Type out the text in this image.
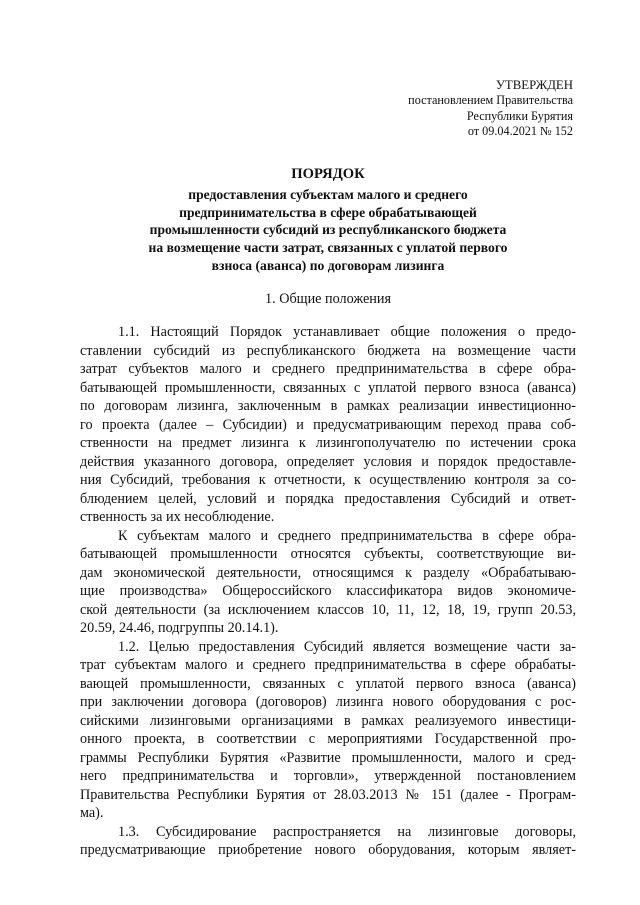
УТВЕРЖДЕН
постановлением Правительства
Республики Бурятия
от 09.04.2021 № 152
ПОРЯДОК
предоставления субъектам малого и среднего
предпринимательства в сфере обрабатывающей
промышленности субсидий из республиканского бюджета
на возмещение части затрат, связанных с уплатой первого
взноса (аванса) по договорам лизинга
1. Общие положения
1.1. Настоящий Порядок устанавливает общие положения о предо-
ставлении субсидий из республиканского бюджета на возмещение части
затрат субъектов малого и среднего предпринимательства в сфере обра-
батывающей промышленности, связанных с уплатой первого взноса (аванса)
по договорам лизинга, заключенным в рамках реализации инвестиционно-
го проекта (далее – Субсидии) и предусматривающим переход права соб-
ственности на предмет лизинга к лизингополучателю по истечении срока
действия указанного договора, определяет условия и порядок предоставле-
ния Субсидий, требования к отчетности, к осуществлению контроля за со-
блюдением целей, условий и порядка предоставления Субсидий и ответ-
ственность за их несоблюдение.
К субъектам малого и среднего предпринимательства в сфере обра-
батывающей промышленности относятся субъекты, соответствующие ви-
дам экономической деятельности, относящимся к разделу «Обрабатываю-
щие производства» Общероссийского классификатора видов экономиче-
ской деятельности (за исключением классов 10, 11, 12, 18, 19, групп 20.53,
20.59, 24.46, подгруппы 20.14.1).
1.2. Целью предоставления Субсидий является возмещение части за-
трат субъектам малого и среднего предпринимательства в сфере обрабаты-
вающей промышленности, связанных с уплатой первого взноса (аванса)
при заключении договора (договоров) лизинга нового оборудования с рос-
сийскими лизинговыми организациями в рамках реализуемого инвестици-
онного проекта, в соответствии с мероприятиями Государственной про-
граммы Республики Бурятия «Развитие промышленности, малого и сред-
него предпринимательства и торговли», утвержденной постановлением
Правительства Республики Бурятия от 28.03.2013 № 151 (далее - Програм-
ма).
1.3. Субсидирование распространяется на лизинговые договоры,
предусматривающие приобретение нового оборудования, которым являет-
